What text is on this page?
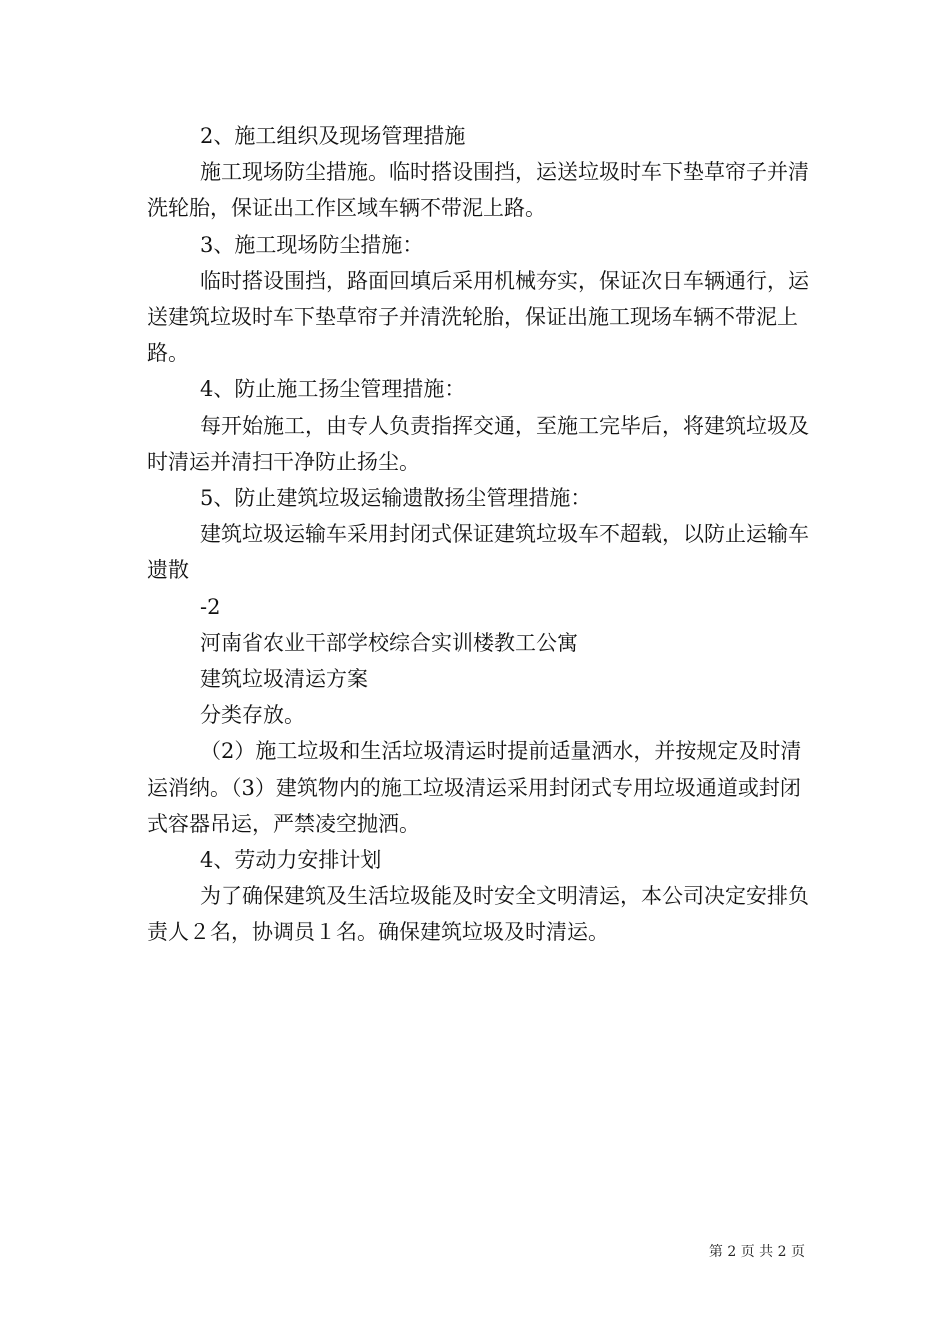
2、施工组织及现场管理措施

施工现场防尘措施。临时搭设围挡，运送垃圾时车下垫草帘子并清洗轮胎，保证出工作区域车辆不带泥上路。

3、施工现场防尘措施：

临时搭设围挡，路面回填后采用机械夯实，保证次日车辆通行，运送建筑垃圾时车下垫草帘子并清洗轮胎，保证出施工现场车辆不带泥上路。

4、防止施工扬尘管理措施：

每开始施工，由专人负责指挥交通，至施工完毕后，将建筑垃圾及时清运并清扫干净防止扬尘。

5、防止建筑垃圾运输遗散扬尘管理措施：

建筑垃圾运输车采用封闭式保证建筑垃圾车不超载，以防止运输车遗散

-2

河南省农业干部学校综合实训楼教工公寓

建筑垃圾清运方案

分类存放。

（2）施工垃圾和生活垃圾清运时提前适量洒水，并按规定及时清运消纳。（3）建筑物内的施工垃圾清运采用封闭式专用垃圾通道或封闭式容器吊运，严禁凌空抛洒。

4、劳动力安排计划

为了确保建筑及生活垃圾能及时安全文明清运，本公司决定安排负责人２名，协调员１名。确保建筑垃圾及时清运。

第 2 页 共 2 页
